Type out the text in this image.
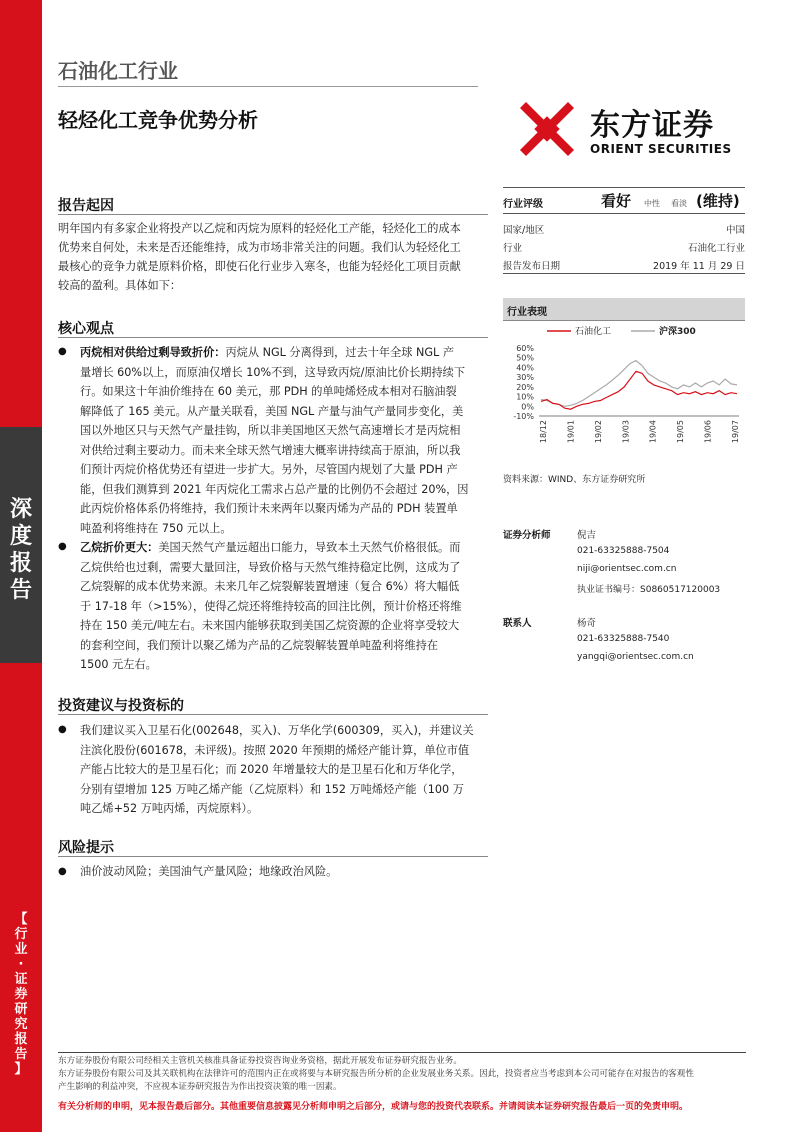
深
度
报
告
【
行
业
·
证
券
研
究
报
告
】
石油化工行业
轻烃化工竞争优势分析	东方证券
ORIENT SECURITIES
报告起因
明年国内有多家企业将投产以乙烷和丙烷为原料的轻烃化工产能，轻烃化工的成本
优势来自何处，未来是否还能维持，成为市场非常关注的问题。我们认为轻烃化工
最核心的竞争力就是原料价格，即使石化行业步入寒冬，也能为轻烃化工项目贡献
较高的盈利。具体如下：
核心观点
● 丙烷相对供给过剩导致折价：丙烷从 NGL 分离得到，过去十年全球 NGL 产
量增长 60%以上，而原油仅增长 10%不到，这导致丙烷/原油比价长期持续下
行。如果这十年油价维持在 60 美元，那 PDH 的单吨烯烃成本相对石脑油裂
解降低了 165 美元。从产量关联看，美国 NGL 产量与油气产量同步变化，美
国以外地区只与天然气产量挂钩，所以非美国地区天然气高速增长才是丙烷相
对供给过剩主要动力。而未来全球天然气增速大概率讲持续高于原油，所以我
们预计丙烷价格优势还有望进一步扩大。另外，尽管国内规划了大量 PDH 产
能，但我们测算到 2021 年丙烷化工需求占总产量的比例仍不会超过 20%，因
此丙烷价格体系仍将维持，我们预计未来两年以聚丙烯为产品的 PDH 装置单
吨盈利将维持在 750 元以上。
● 乙烷折价更大：美国天然气产量远超出口能力，导致本土天然气价格很低。而
乙烷供给也过剩，需要大量回注，导致价格与天然气维持稳定比例，这成为了
乙烷裂解的成本优势来源。未来几年乙烷裂解装置增速（复合 6%）将大幅低
于 17-18 年（>15%），使得乙烷还将维持较高的回注比例，预计价格还将维
持在 150 美元/吨左右。未来国内能够获取到美国乙烷资源的企业将享受较大
的套利空间，我们预计以聚乙烯为产品的乙烷裂解装置单吨盈利将维持在
1500 元左右。
投资建议与投资标的
● 我们建议买入卫星石化(002648，买入)、万华化学(600309，买入)，并建议关
注滨化股份(601678，未评级)。按照 2020 年预期的烯烃产能计算，单位市值
产能占比较大的是卫星石化；而 2020 年增量较大的是卫星石化和万华化学，
分别有望增加 125 万吨乙烯产能（乙烷原料）和 152 万吨烯烃产能（100 万
吨乙烯+52 万吨丙烯，丙烷原料）。
风险提示
● 油价波动风险；美国油气产量风险；地缘政治风险。
行业评级	看好 中性 看淡 (维持)
国家/地区	中国
行业	石油化工行业
报告发布日期	2019 年 11 月 29 日
行业表现
石油化工	沪深300
60%
50%
40%
30%
20%
10%
0%
-10%
18/12 19/01 19/02 19/03 19/04 19/05 19/06 19/07
资料来源：WIND、东方证券研究所
证券分析师	倪吉
021-63325888-7504
niji@orientsec.com.cn
执业证书编号：S0860517120003
联系人	杨奇
021-63325888-7540
yangqi@orientsec.com.cn
东方证券股份有限公司经相关主管机关核准具备证券投资咨询业务资格，据此开展发布证券研究报告业务。
东方证券股份有限公司及其关联机构在法律许可的范围内正在或将要与本研究报告所分析的企业发展业务关系。因此，投资者应当考虑到本公司可能存在对报告的客观性
产生影响的利益冲突，不应视本证券研究报告为作出投资决策的唯一因素。
有关分析师的申明，见本报告最后部分。其他重要信息披露见分析师申明之后部分，或请与您的投资代表联系。并请阅读本证券研究报告最后一页的免责申明。
